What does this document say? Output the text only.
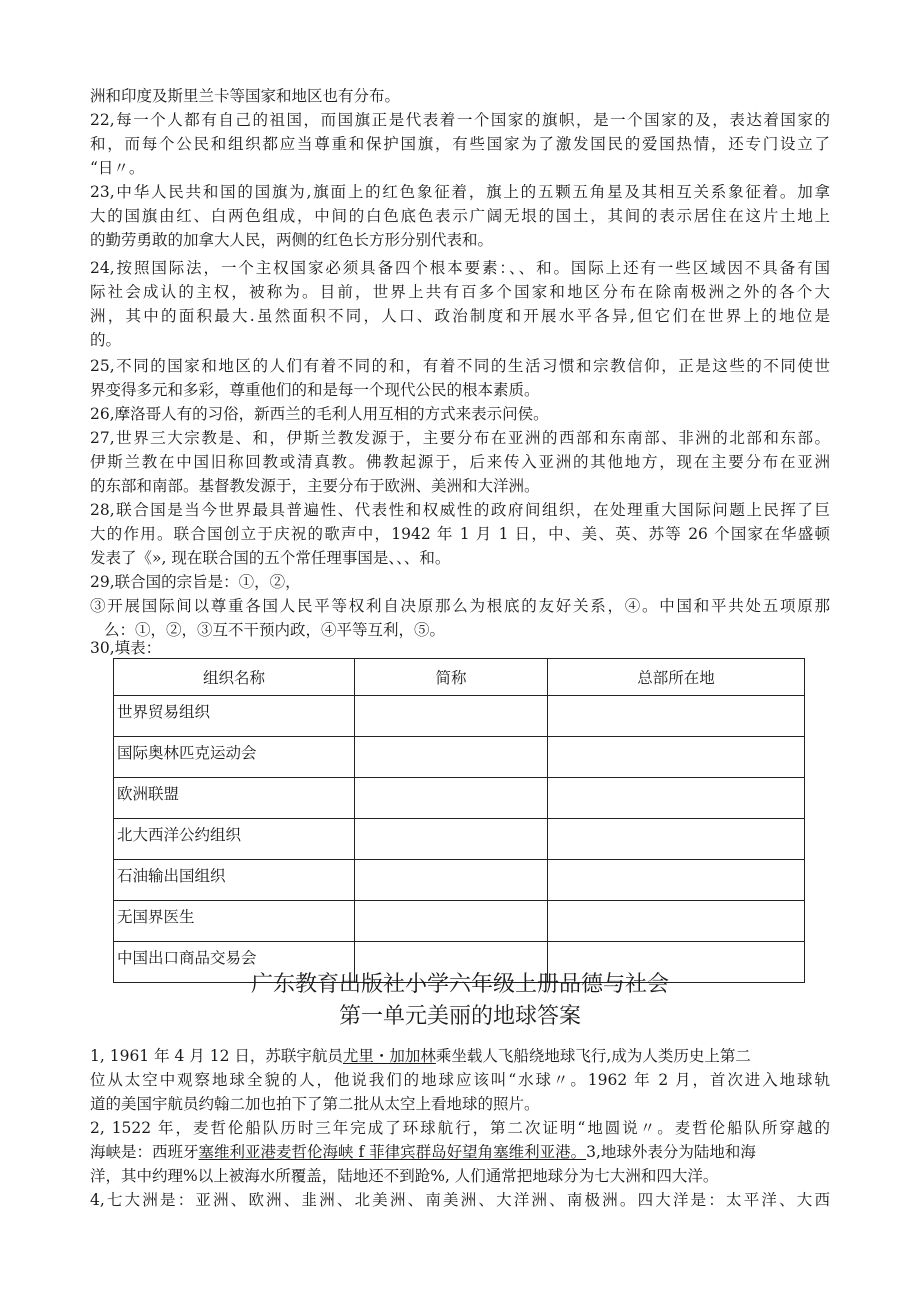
洲和印度及斯里兰卡等国家和地区也有分布。
22,每一个人都有自己的祖国，而国旗正是代表着一个国家的旗帜，是一个国家的及，表达着国家的
和，而每个公民和组织都应当尊重和保护国旗，有些国家为了激发国民的爱国热情，还专门设立了
“日〃。
23,中华人民共和国的国旗为,旗面上的红色象征着，旗上的五颗五角星及其相互关系象征着。加拿
大的国旗由红、白两色组成，中间的白色底色表示广阔无垠的国土，其间的表示居住在这片土地上
的勤劳勇敢的加拿大人民，两侧的红色长方形分别代表和。
24,按照国际法，一个主权国家必须具备四个根本要素：、、和。国际上还有一些区域因不具备有国
际社会成认的主权，被称为。目前，世界上共有百多个国家和地区分布在除南极洲之外的各个大
洲，其中的面积最大.虽然面积不同，人口、政治制度和开展水平各异,但它们在世界上的地位是
的。
25,不同的国家和地区的人们有着不同的和，有着不同的生活习惯和宗教信仰，正是这些的不同使世
界变得多元和多彩，尊重他们的和是每一个现代公民的根本素质。
26,摩洛哥人有的习俗，新西兰的毛利人用互相的方式来表示问侯。
27,世界三大宗教是、和，伊斯兰教发源于，主要分布在亚洲的西部和东南部、非洲的北部和东部。
伊斯兰教在中国旧称回教或清真教。佛教起源于，后来传入亚洲的其他地方，现在主要分布在亚洲
的东部和南部。基督教发源于，主要分布于欧洲、美洲和大洋洲。
28,联合国是当今世界最具普遍性、代表性和权威性的政府间组织，在处理重大国际问题上民挥了巨
大的作用。联合国创立于庆祝的歌声中，1942 年 1 月 1 日，中、美、英、苏等 26 个国家在华盛顿
发表了《», 现在联合国的五个常任理事国是、、、和。
29,联合国的宗旨是：①，②，
③开展国际间以尊重各国人民平等权利自决原那么为根底的友好关系，④。中国和平共处五项原那
么：①，②，③互不干预内政，④平等互利，⑤。
30,填表：
组织名称	简称	总部所在地
世界贸易组织		
国际奥林匹克运动会		
欧洲联盟		
北大西洋公约组织		
石油输出国组织		
无国界医生		
中国出口商品交易会		
广东教育出版社小学六年级上册品德与社会
第一单元美丽的地球答案
1, 1961 年 4 月 12 日，苏联宇航员尤里・加加林乘坐载人飞船绕地球飞行,成为人类历史上第二
位从太空中观察地球全貌的人，他说我们的地球应该叫“水球〃。1962 年 2 月，首次进入地球轨
道的美国宇航员约翰二加也拍下了第二批从太空上看地球的照片。
2, 1522 年，麦哲伦船队历时三年完成了环球航行，第二次证明“地圆说〃。麦哲伦船队所穿越的
海峡是：西班牙塞维利亚港麦哲伦海峡 f 菲律宾群岛好望角塞维利亚港。3,地球外表分为陆地和海
洋，其中约理%以上被海水所覆盖，陆地还不到跄%, 人们通常把地球分为七大洲和四大洋。
4,七大洲是：亚洲、欧洲、韭洲、北美洲、南美洲、大洋洲、南极洲。四大洋是：太平洋、大西
